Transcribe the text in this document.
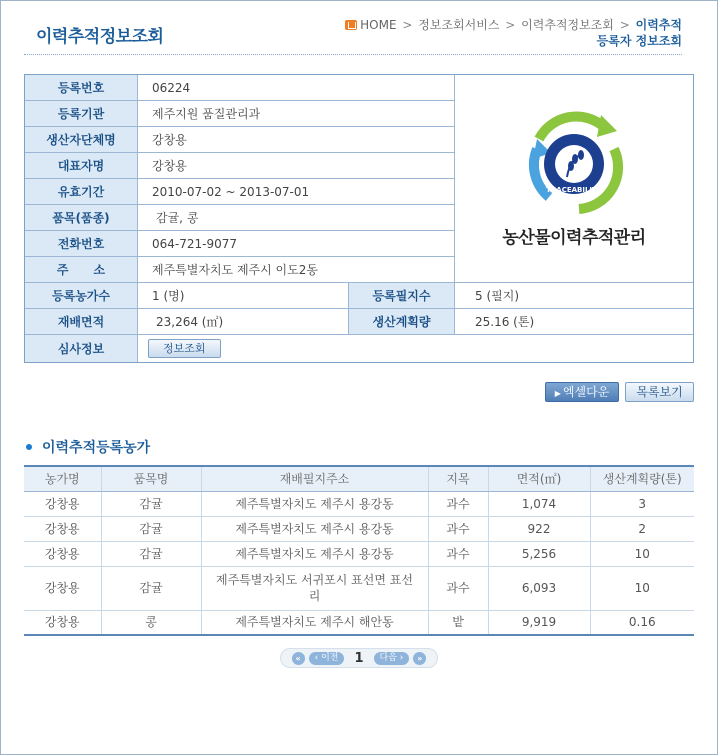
이력추적정보조회
HOME > 정보조회서비스 > 이력추적정보조회 > 이력추적
등록자 정보조회
등록번호	06224
등록기관	제주지원 품질관리과
생산자단체명	강창용
대표자명	강창용
유효기간	2010-07-02 ~ 2013-07-01
품목(품종)	감귤, 콩
전화번호	064-721-9077
주      소	제주특별자치도 제주시 이도2동
TRACEABILITY
농산물이력추적관리
등록농가수	1 (명)	등록필지수	5 (필지)
재배면적	23,264 (㎡)	생산계획량	25.16 (톤)
심사정보	정보조회
▶ 엑셀다운	목록보기
이력추적등록농가
농가명	품목명	재배필지주소	지목	면적(㎡)	생산계획량(톤)
강창용	감귤	제주특별자치도 제주시 용강동	과수	1,074	3
강창용	감귤	제주특별자치도 제주시 용강동	과수	922	2
강창용	감귤	제주특별자치도 제주시 용강동	과수	5,256	10
강창용	감귤	제주특별자치도 서귀포시 표선면 표선리	과수	6,093	10
강창용	콩	제주특별자치도 제주시 해안동	밭	9,919	0.16
«	‹ 이전	1	다음 ›	»
